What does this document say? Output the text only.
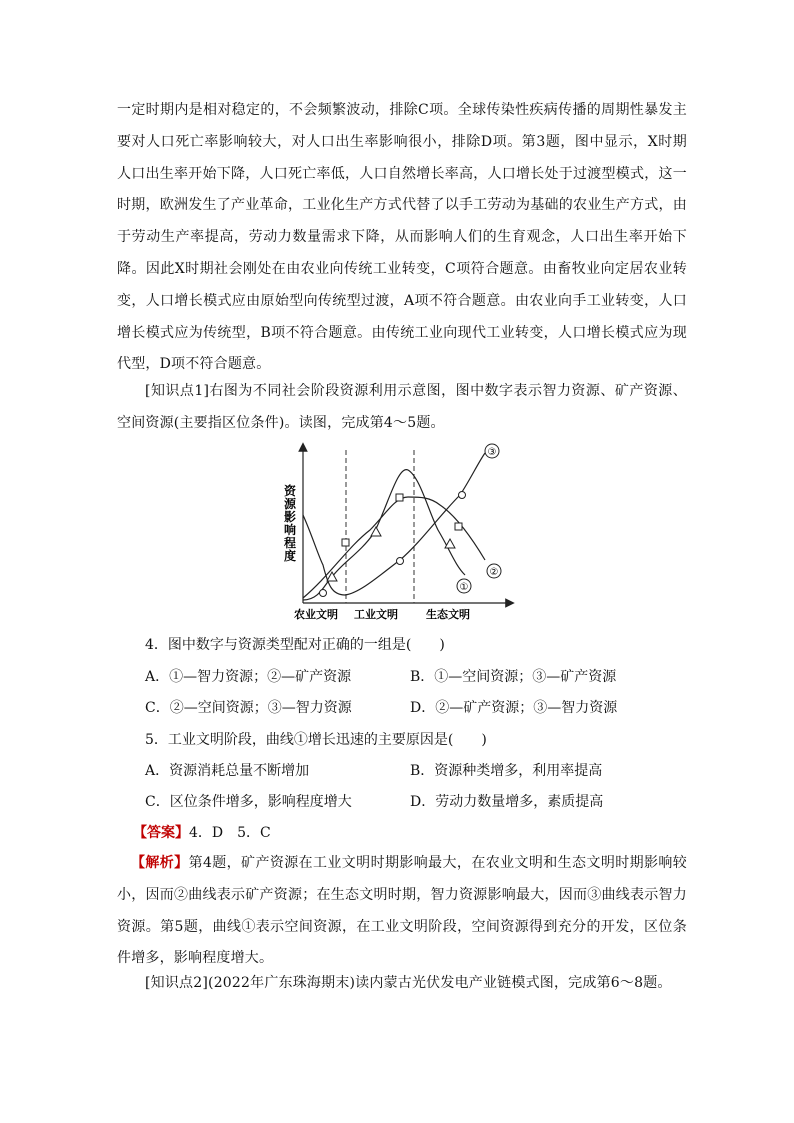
一定时期内是相对稳定的，不会频繁波动，排除C项。全球传染性疾病传播的周期性暴发主要对人口死亡率影响较大，对人口出生率影响很小，排除D项。第3题，图中显示，X时期人口出生率开始下降，人口死亡率低，人口自然增长率高，人口增长处于过渡型模式，这一时期，欧洲发生了产业革命，工业化生产方式代替了以手工劳动为基础的农业生产方式，由于劳动生产率提高，劳动力数量需求下降，从而影响人们的生育观念，人口出生率开始下降。因此X时期社会刚处在由农业向传统工业转变，C项符合题意。由畜牧业向定居农业转变，人口增长模式应由原始型向传统型过渡，A项不符合题意。由农业向手工业转变，人口增长模式应为传统型，B项不符合题意。由传统工业向现代工业转变，人口增长模式应为现代型，D项不符合题意。
[知识点1]右图为不同社会阶段资源利用示意图，图中数字表示智力资源、矿产资源、空间资源(主要指区位条件)。读图，完成第4～5题。
资源影响程度
③
①
②
农业文明 工业文明	生态文明
4．图中数字与资源类型配对正确的一组是(　　)
A．①—智力资源；②—矿产资源	B．①—空间资源；③—矿产资源
C．②—空间资源；③—智力资源	D．②—矿产资源；③—智力资源
5．工业文明阶段，曲线①增长迅速的主要原因是(　　)
A．资源消耗总量不断增加	B．资源种类增多，利用率提高
C．区位条件增多，影响程度增大	D．劳动力数量增多，素质提高
【答案】4．D　5．C
【解析】第4题，矿产资源在工业文明时期影响最大，在农业文明和生态文明时期影响较小，因而②曲线表示矿产资源；在生态文明时期，智力资源影响最大，因而③曲线表示智力资源。第5题，曲线①表示空间资源，在工业文明阶段，空间资源得到充分的开发，区位条件增多，影响程度增大。
[知识点2](2022年广东珠海期末)读内蒙古光伏发电产业链模式图，完成第6～8题。
